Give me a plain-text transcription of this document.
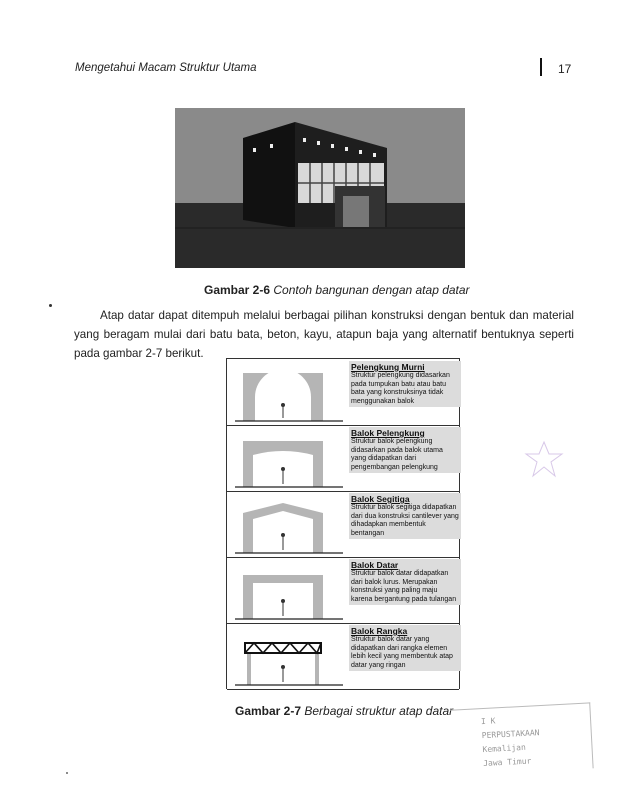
Mengetahui Macam Struktur Utama	17
Gambar 2-6 Contoh bangunan dengan atap datar
Atap datar dapat ditempuh melalui berbagai pilihan konstruksi dengan bentuk dan material yang beragam mulai dari batu bata, beton, kayu, atapun baja yang alternatif bentuknya seperti pada gambar 2-7 berikut.
Pelengkung Murni
Struktur pelengkung didasarkan pada tumpukan batu atau batu bata yang konstruksinya tidak menggunakan balok
Balok Pelengkung
Struktur balok pelengkung didasarkan pada balok utama yang didapatkan dari pengembangan pelengkung
Balok Segitiga
Struktur balok segitiga didapatkan dari dua konstruksi cantilever yang dihadapkan membentuk bentangan
Balok Datar
Struktur balok datar didapatkan dari balok lurus. Merupakan konstruksi yang paling maju karena bergantung pada tulangan
Balok Rangka
Struktur balok datar yang didapatkan dari rangka elemen lebih kecil yang membentuk atap datar yang ringan
Gambar 2-7 Berbagai struktur atap datar
I K
PERPUSTAKAAN
Kemalijan
Jawa Timur
